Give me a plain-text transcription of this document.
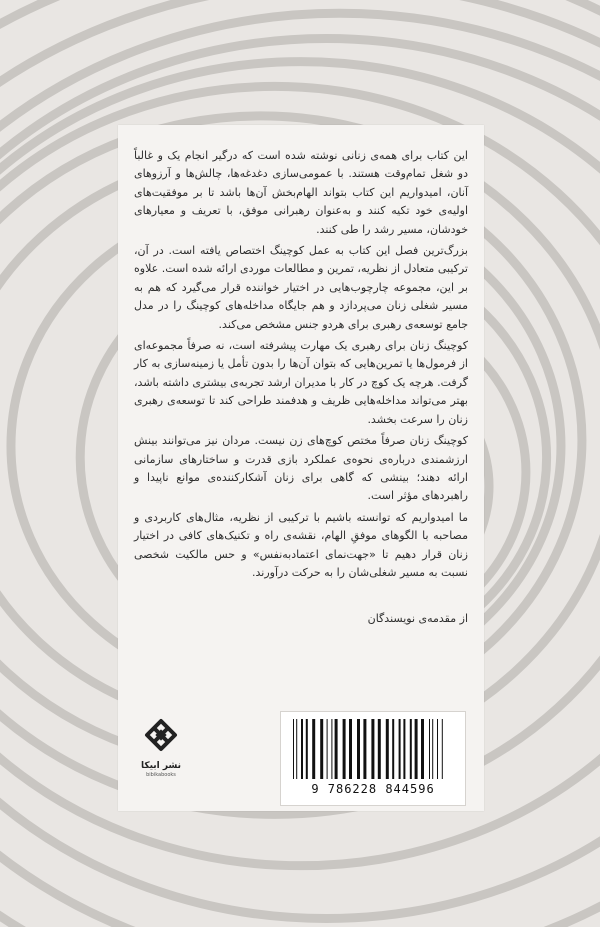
این کتاب برای همه‌ی زنانی نوشته شده است که درگیر انجام یک و غالباً دو شغل تمام‌وقت هستند. با عمومی‌سازی دغدغه‌ها، چالش‌ها و آرزوهای آنان، امیدواریم این کتاب بتواند الهام‌بخش آن‌ها باشد تا بر موفقیت‌های اولیه‌ی خود تکیه کنند و به‌عنوان رهبرانی موفق، با تعریف و معیارهای خودشان، مسیر رشد را طی کنند.

بزرگ‌ترین فصل این کتاب به عمل کوچینگ اختصاص یافته است. در آن، ترکیبی متعادل از نظریه، تمرین و مطالعات موردی ارائه شده است. علاوه بر این، مجموعه چارچوب‌هایی در اختیار خواننده قرار می‌گیرد که هم به مسیر شغلی زنان می‌پردازد و هم جایگاه مداخله‌های کوچینگ را در مدل جامع توسعه‌ی رهبری برای هردو جنس مشخص می‌کند.

کوچینگ زنان برای رهبری یک مهارت پیشرفته است، نه صرفاً مجموعه‌ای از فرمول‌ها یا تمرین‌هایی که بتوان آن‌ها را بدون تأمل یا زمینه‌سازی به کار گرفت. هرچه یک کوچ در کار با مدیران ارشد تجربه‌ی بیشتری داشته باشد، بهتر می‌تواند مداخله‌هایی ظریف و هدفمند طراحی کند تا توسعه‌ی رهبری زنان را سرعت بخشد.

کوچینگ زنان صرفاً مختص کوچ‌های زن نیست. مردان نیز می‌توانند بینش ارزشمندی درباره‌ی نحوه‌ی عملکرد بازی قدرت و ساختارهای سازمانی ارائه دهند؛ بینشی که گاهی برای زنان آشکارکننده‌ی موانع ناپیدا و راهبردهای مؤثر است.

ما امیدواریم که توانسته باشیم با ترکیبی از نظریه، مثال‌های کاربردی و مصاحبه با الگوهای موفقِ الهام، نقشه‌ی راه و تکنیک‌های کافی در اختیار زنان قرار دهیم تا «جهت‌نمای اعتمادبه‌نفس» و حس مالکیت شخصی نسبت به مسیر شغلی‌شان را به حرکت درآورند.

از مقدمه‌ی نویسندگان
نشر ابیکا
bibikabooks
9 786228 844596
